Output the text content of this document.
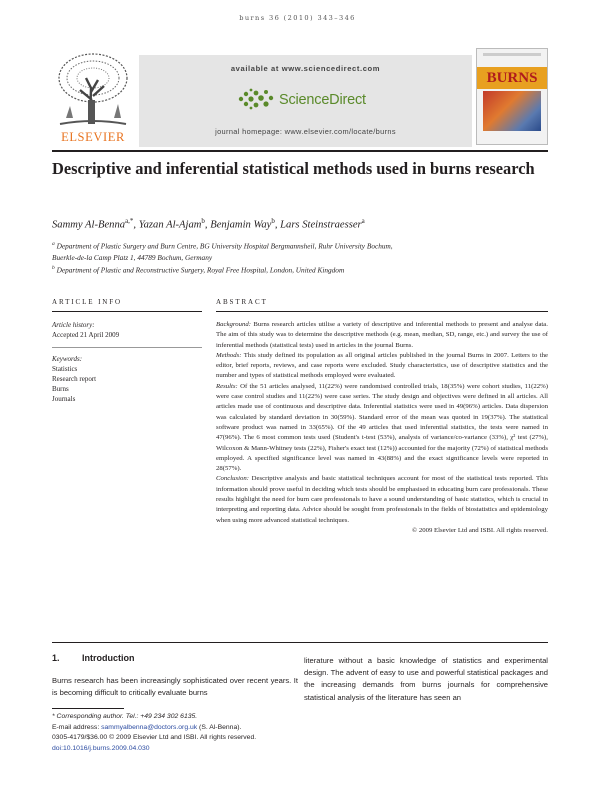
burns 36 (2010) 343–346
ELSEVIER
available at www.sciencedirect.com
ScienceDirect
journal homepage: www.elsevier.com/locate/burns
BURNS
Descriptive and inferential statistical methods used in burns research
Sammy Al-Benna$^{a,*}$, Yazan Al-Ajam$^b$, Benjamin Way$^b$, Lars Steinstraesser$^a$
$^a$ Department of Plastic Surgery and Burn Centre, BG University Hospital Bergmannsheil, Ruhr University Bochum,
Buerkle-de-la Camp Platz 1, 44789 Bochum, Germany
$^b$ Department of Plastic and Reconstructive Surgery, Royal Free Hospital, London, United Kingdom
ARTICLE INFO
Article history:
Accepted 21 April 2009
Keywords:
Statistics
Research report
Burns
Journals
ABSTRACT

Background: Burns research articles utilise a variety of descriptive and inferential methods to present and analyse data. The aim of this study was to determine the descriptive methods (e.g. mean, median, SD, range, etc.) and survey the use of inferential methods (statistical tests) used in articles in the journal Burns.

Methods: This study defined its population as all original articles published in the journal Burns in 2007. Letters to the editor, brief reports, reviews, and case reports were excluded. Study characteristics, use of descriptive statistics and the number and types of statistical methods employed were evaluated.

Results: Of the 51 articles analysed, 11(22%) were randomised controlled trials, 18(35%) were cohort studies, 11(22%) were case control studies and 11(22%) were case series. The study design and objectives were defined in all articles. All articles made use of continuous and descriptive data. Inferential statistics were used in 49(96%) articles. Data dispersion was calculated by standard deviation in 30(59%). Standard error of the mean was quoted in 19(37%). The statistical software product was named in 33(65%). Of the 49 articles that used inferential statistics, the tests were named in 47(96%). The 6 most common tests used (Student's t-test (53%), analysis of variance/co-variance (33%), χ² test (27%), Wilcoxon & Mann-Whitney tests (22%), Fisher's exact test (12%)) accounted for the majority (72%) of statistical methods employed. A specified significance level was named in 43(88%) and the exact significance levels were reported in 28(57%).

Conclusion: Descriptive analysis and basic statistical techniques account for most of the statistical tests reported. This information should prove useful in deciding which tests should be emphasised in educating burn care professionals. These results highlight the need for burn care professionals to have a sound understanding of basic statistics, which is crucial in interpreting and reporting data. Advice should be sought from professionals in the fields of biostatistics and epidemiology when using more advanced statistical techniques.

© 2009 Elsevier Ltd and ISBI. All rights reserved.

1. Introduction
Burns research has been increasingly sophisticated over recent years. It is becoming difficult to critically evaluate burns
literature without a basic knowledge of statistics and experimental design. The advent of easy to use and powerful statistical packages and the increasing demands from burns journals for comprehensive statistical analysis of the literature has seen an
* Corresponding author. Tel.: +49 234 302 6135.
E-mail address: sammyalbenna@doctors.org.uk (S. Al-Benna).
0305-4179/$36.00 © 2009 Elsevier Ltd and ISBI. All rights reserved.
doi:10.1016/j.burns.2009.04.030
